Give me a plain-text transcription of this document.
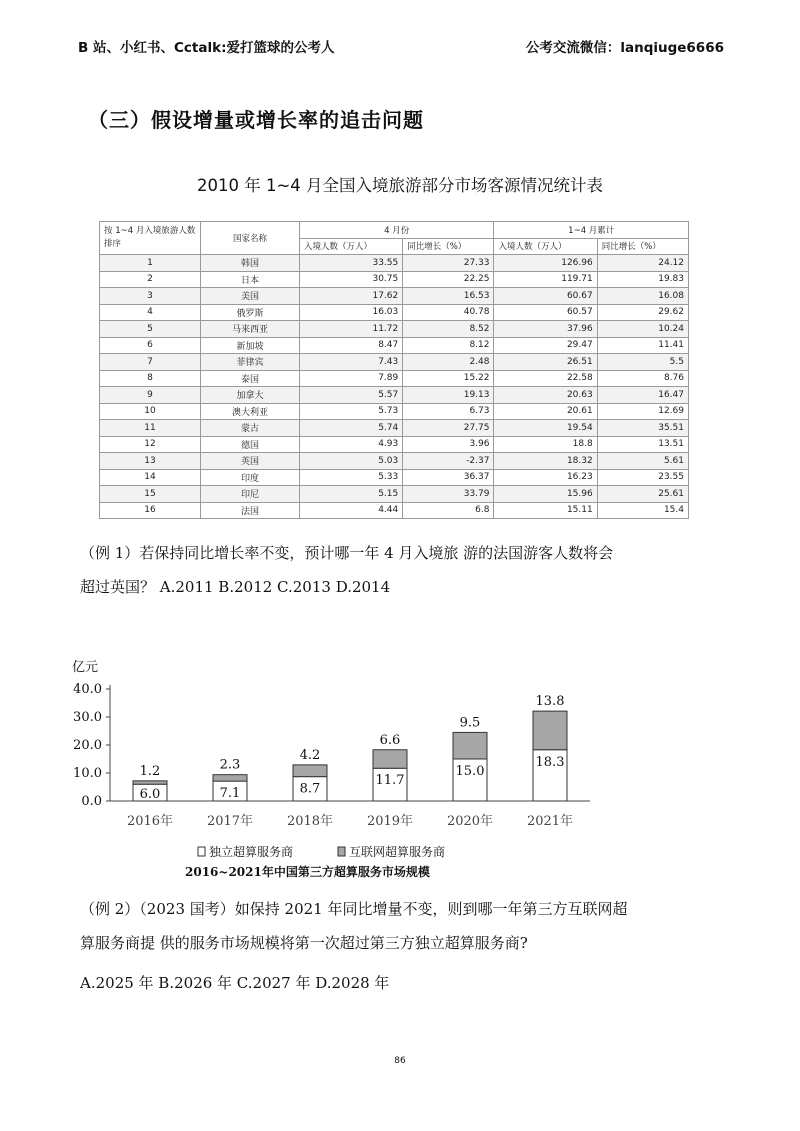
B 站、小红书、Cctalk:爱打篮球的公考人	公考交流微信：lanqiuge6666
（三）假设增量或增长率的追击问题
2010 年 1~4 月全国入境旅游部分市场客源情况统计表
按 1~4 月入境旅游人数排序	国家名称	4 月份		1~4 月累计	
		入境人数（万人）	同比增长（%）	入境人数（万人）	同比增长（%）
1	韩国	33.55	27.33	126.96	24.12
2	日本	30.75	22.25	119.71	19.83
3	美国	17.62	16.53	60.67	16.08
4	俄罗斯	16.03	40.78	60.57	29.62
5	马来西亚	11.72	8.52	37.96	10.24
6	新加坡	8.47	8.12	29.47	11.41
7	菲律宾	7.43	2.48	26.51	5.5
8	泰国	7.89	15.22	22.58	8.76
9	加拿大	5.57	19.13	20.63	16.47
10	澳大利亚	5.73	6.73	20.61	12.69
11	蒙古	5.74	27.75	19.54	35.51
12	德国	4.93	3.96	18.8	13.51
13	英国	5.03	-2.37	18.32	5.61
14	印度	5.33	36.37	16.23	23.55
15	印尼	5.15	33.79	15.96	25.61
16	法国	4.44	6.8	15.11	15.4
（例 1）若保持同比增长率不变，预计哪一年 4 月入境旅 游的法国游客人数将会
超过英国？ A.2011 B.2012 C.2013 D.2014
亿元
40.0
30.0
20.0
10.0
0.0	6.0
1.2
2016年
7.1
2.3
2017年
8.7
4.2
2018年
11.7
6.6
2019年
15.0
9.5
2020年
18.3
13.8
2021年
独立超算服务商	互联网超算服务商
2016~2021年中国第三方超算服务市场规模
（例 2）（2023 国考）如保持 2021 年同比增量不变，则到哪一年第三方互联网超
算服务商提 供的服务市场规模将第一次超过第三方独立超算服务商?
A.2025 年 B.2026 年 C.2027 年 D.2028 年
86
